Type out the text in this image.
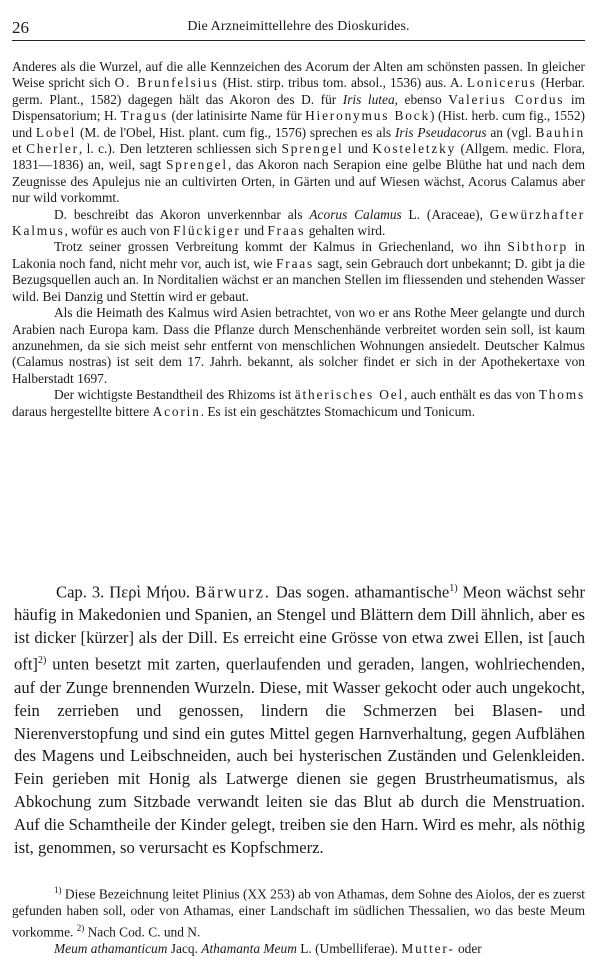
26	Die Arzneimittellehre des Dioskurides.

Anderes als die Wurzel, auf die alle Kennzeichen des Acorum der Alten am schönsten passen. In gleicher Weise spricht sich O. Brunfelsius (Hist. stirp. tribus tom. absol., 1536) aus. A. Lonicerus (Herbar. germ. Plant., 1582) dagegen hält das Akoron des D. für Iris lutea, ebenso Valerius Cordus im Dispensatorium; H. Tragus (der latinisirte Name für Hieronymus Bock) (Hist. herb. cum fig., 1552) und Lobel (M. de l'Obel, Hist. plant. cum fig., 1576) sprechen es als Iris Pseudacorus an (vgl. Bauhin et Cherler, l. c.). Den letzteren schliessen sich Sprengel und Kosteletzky (Allgem. medic. Flora, 1831—1836) an, weil, sagt Sprengel, das Akoron nach Serapion eine gelbe Blüthe hat und nach dem Zeugnisse des Apulejus nie an cultivirten Orten, in Gärten und auf Wiesen wächst, Acorus Calamus aber nur wild vorkommt.

D. beschreibt das Akoron unverkennbar als Acorus Calamus L. (Araceae), Gewürzhafter Kalmus, wofür es auch von Flückiger und Fraas gehalten wird.

Trotz seiner grossen Verbreitung kommt der Kalmus in Griechenland, wo ihn Sibthorp in Lakonia noch fand, nicht mehr vor, auch ist, wie Fraas sagt, sein Gebrauch dort unbekannt; D. gibt ja die Bezugsquellen auch an. In Norditalien wächst er an manchen Stellen im fliessenden und stehenden Wasser wild. Bei Danzig und Stettin wird er gebaut.

Als die Heimath des Kalmus wird Asien betrachtet, von wo er ans Rothe Meer gelangte und durch Arabien nach Europa kam. Dass die Pflanze durch Menschenhände verbreitet worden sein soll, ist kaum anzunehmen, da sie sich meist sehr entfernt von menschlichen Wohnungen ansiedelt. Deutscher Kalmus (Calamus nostras) ist seit dem 17. Jahrh. bekannt, als solcher findet er sich in der Apothekertaxe von Halberstadt 1697.

Der wichtigste Bestandtheil des Rhizoms ist ätherisches Oel, auch enthält es das von Thoms daraus hergestellte bittere Acorin. Es ist ein geschätztes Stomachicum und Tonicum.

Cap. 3. Περὶ Μήου. Bärwurz. Das sogen. athamantische$^{1)}$ Meon wächst sehr häufig in Makedonien und Spanien, an Stengel und Blättern dem Dill ähnlich, aber es ist dicker [kürzer] als der Dill. Es erreicht eine Grösse von etwa zwei Ellen, ist [auch oft]$^{2)}$ unten besetzt mit zarten, querlaufenden und geraden, langen, wohlriechenden, auf der Zunge brennenden Wurzeln. Diese, mit Wasser gekocht oder auch ungekocht, fein zerrieben und genossen, lindern die Schmerzen bei Blasen- und Nierenverstopfung und sind ein gutes Mittel gegen Harnverhaltung, gegen Aufblähen des Magens und Leibschneiden, auch bei hysterischen Zuständen und Gelenkleiden. Fein gerieben mit Honig als Latwerge dienen sie gegen Brustrheumatismus, als Abkochung zum Sitzbade verwandt leiten sie das Blut ab durch die Menstruation. Auf die Schamtheile der Kinder gelegt, treiben sie den Harn. Wird es mehr, als nöthig ist, genommen, so verursacht es Kopfschmerz.

$^{1)}$ Diese Bezeichnung leitet Plinius (XX 253) ab von Athamas, dem Sohne des Aiolos, der es zuerst gefunden haben soll, oder von Athamas, einer Landschaft im südlichen Thessalien, wo das beste Meum vorkomme. $^{2)}$ Nach Cod. C. und N.

Meum athamanticum Jacq. Athamanta Meum L. (Umbelliferae). Mutter- oder
